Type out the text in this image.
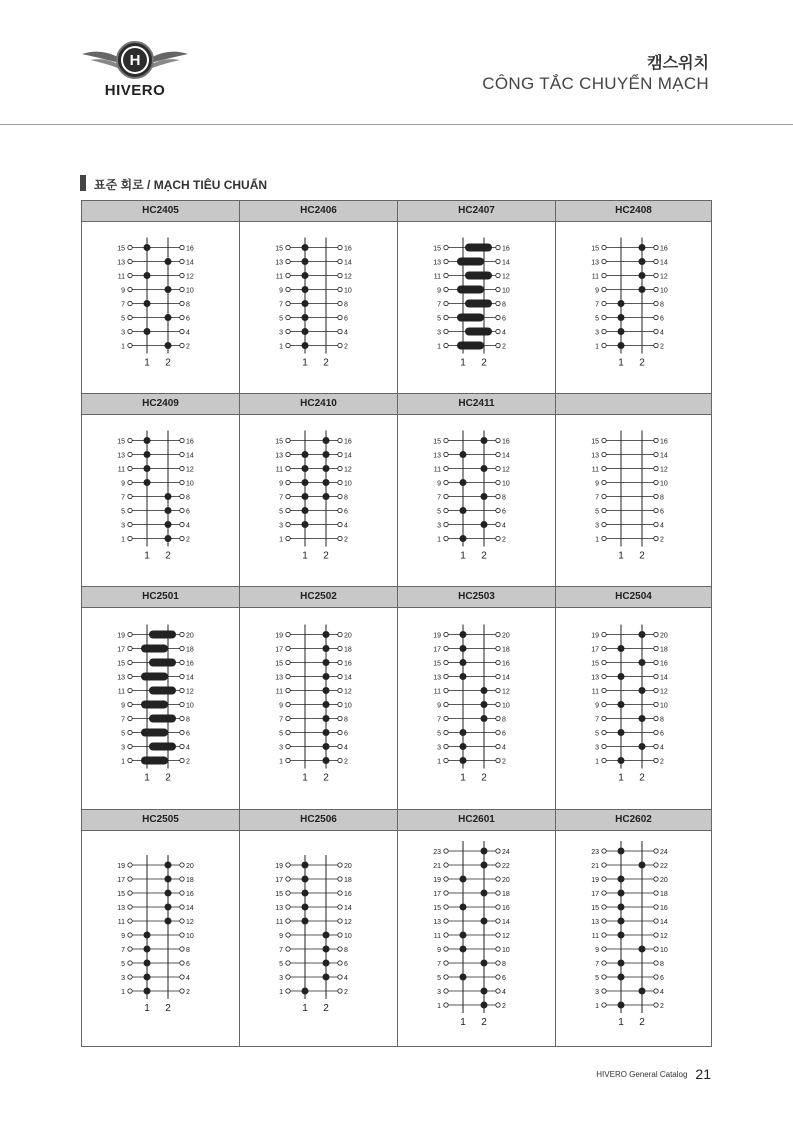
H
HIVERO
캠스위치
CÔNG TẮC CHUYỂN MẠCH
표준 회로 / MẠCH TIÊU CHUẨN
HC2405
15	16
13	14
11	12
9	10
7	8
5	6
3	4
1	2
1 2
HC2406
15	16
13	14
11	12
9	10
7	8
5	6
3	4
1	2
1 2
HC2407
15	16
13	14
11	12
9	10
7	8
5	6
3	4
1	2
1 2
HC2408
15	16
13	14
11	12
9	10
7	8
5	6
3	4
1	2
1 2
HC2409
15	16
13	14
11	12
9	10
7	8
5	6
3	4
1	2
1 2
HC2410
15	16
13	14
11	12
9	10
7	8
5	6
3	4
1	2
1 2
HC2411
15	16
13	14
11	12
9	10
7	8
5	6
3	4
1	2
1 2
15	16
13	14
11	12
9	10
7	8
5	6
3	4
1	2
1 2
HC2501
19	20
17	18
15	16
13	14
11	12
9	10
7	8
5	6
3	4
1	2
1 2
HC2502
19	20
17	18
15	16
13	14
11	12
9	10
7	8
5	6
3	4
1	2
1 2
HC2503
19	20
17	18
15	16
13	14
11	12
9	10
7	8
5	6
3	4
1	2
1 2
HC2504
19	20
17	18
15	16
13	14
11	12
9	10
7	8
5	6
3	4
1	2
1 2
HC2505
19	20
17	18
15	16
13	14
11	12
9	10
7	8
5	6
3	4
1	2
1 2
HC2506
19	20
17	18
15	16
13	14
11	12
9	10
7	8
5	6
3	4
1	2
1 2
HC2601
23	24
21	22
19	20
17	18
15	16
13	14
11	12
9	10
7	8
5	6
3	4
1	2
1 2
HC2602
23	24
21	22
19	20
17	18
15	16
13	14
11	12
9	10
7	8
5	6
3	4
1	2
1 2
HIVERO General Catalog 21
